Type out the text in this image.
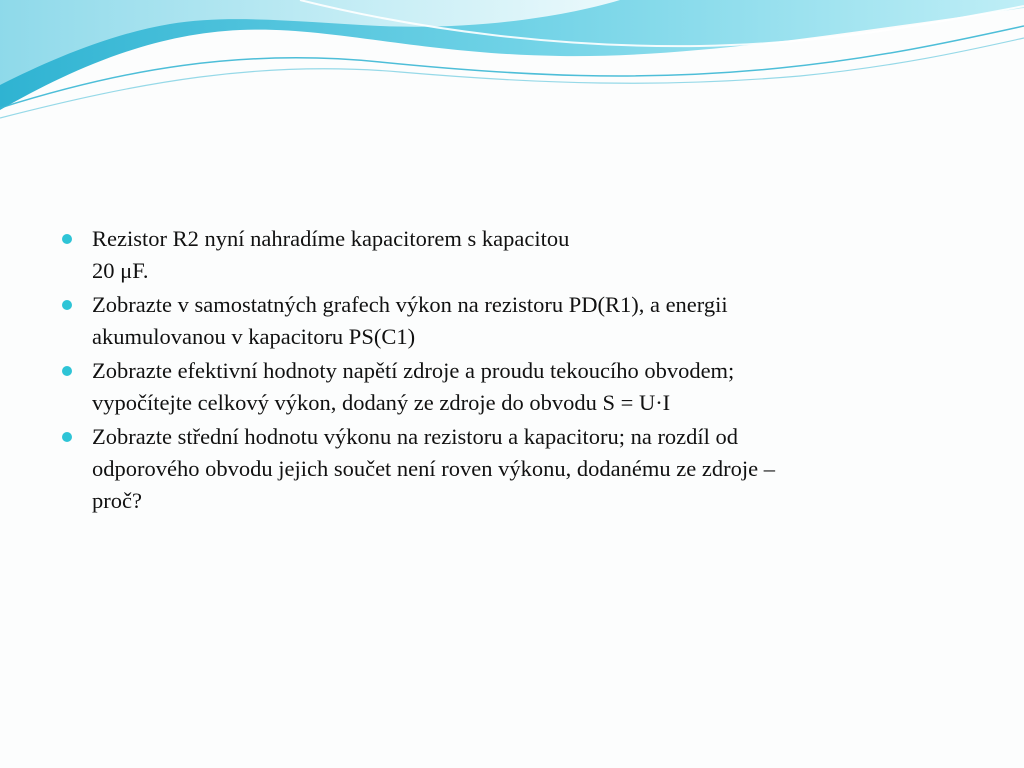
Rezistor R2 nyní nahradíme kapacitorem s kapacitou
20 μF.
Zobrazte v samostatných grafech výkon na rezistoru PD(R1), a energii
akumulovanou v kapacitoru PS(C1)
Zobrazte efektivní hodnoty napětí zdroje a proudu tekoucího obvodem;
vypočítejte celkový výkon, dodaný ze zdroje do obvodu S = U·I
Zobrazte střední hodnotu výkonu na rezistoru a kapacitoru; na rozdíl od
odporového obvodu jejich součet není roven výkonu, dodanému ze zdroje –
proč?
